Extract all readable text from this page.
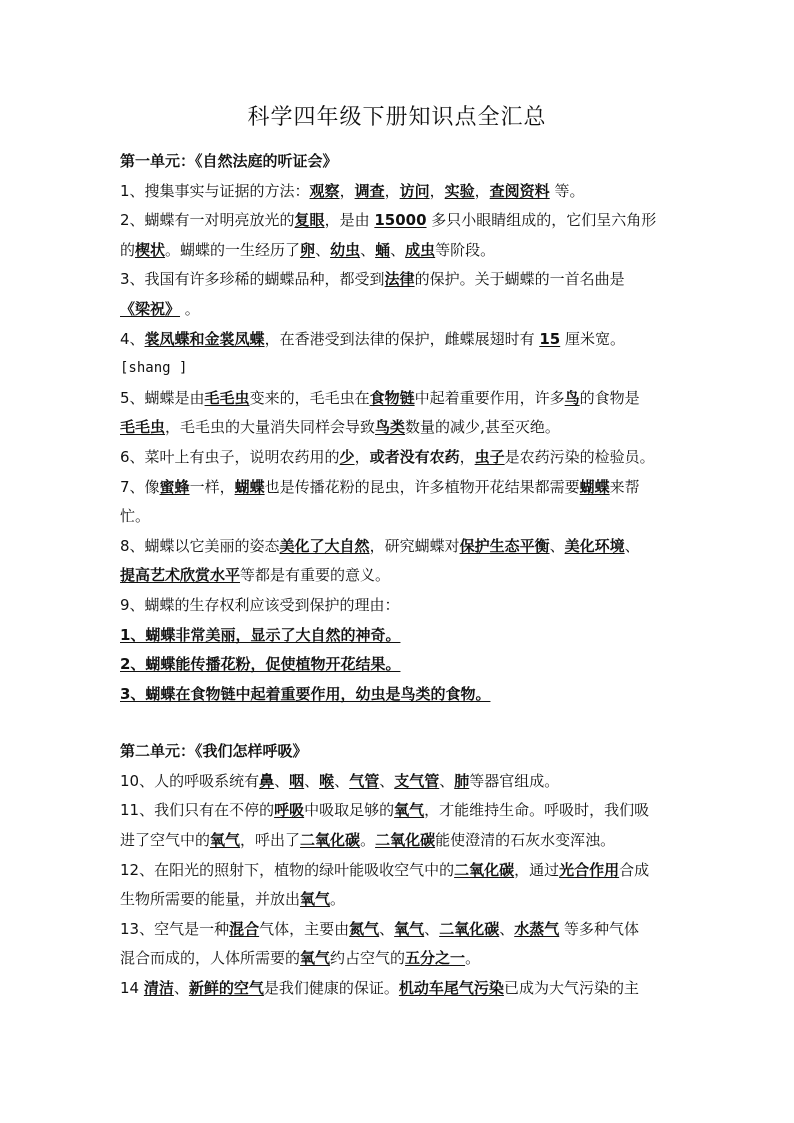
科学四年级下册知识点全汇总
第一单元：《自然法庭的听证会》
1、搜集事实与证据的方法：观察，调查，访问，实验，查阅资料 等。
2、蝴蝶有一对明亮放光的复眼，是由 15000 多只小眼睛组成的，它们呈六角形
的楔状。蝴蝶的一生经历了卵、幼虫、蛹、成虫等阶段。
3、我国有许多珍稀的蝴蝶品种，都受到法律的保护。关于蝴蝶的一首名曲是
《梁祝》 。
4、裳凤蝶和金裳凤蝶，在香港受到法律的保护，雌蝶展翅时有 15 厘米宽。
[shang ]
5、蝴蝶是由毛毛虫变来的，毛毛虫在食物链中起着重要作用，许多鸟的食物是
毛毛虫，毛毛虫的大量消失同样会导致鸟类数量的减少,甚至灭绝。
6、菜叶上有虫子，说明农药用的少，或者没有农药，虫子是农药污染的检验员。
7、像蜜蜂一样，蝴蝶也是传播花粉的昆虫，许多植物开花结果都需要蝴蝶来帮
忙。
8、蝴蝶以它美丽的姿态美化了大自然，研究蝴蝶对保护生态平衡、美化环境、
提高艺术欣赏水平等都是有重要的意义。
9、蝴蝶的生存权利应该受到保护的理由：
1、蝴蝶非常美丽，显示了大自然的神奇。
2、蝴蝶能传播花粉，促使植物开花结果。
3、蝴蝶在食物链中起着重要作用，幼虫是鸟类的食物。
第二单元：《我们怎样呼吸》
10、人的呼吸系统有鼻、咽、喉、气管、支气管、肺等器官组成。
11、我们只有在不停的呼吸中吸取足够的氧气，才能维持生命。呼吸时，我们吸
进了空气中的氧气，呼出了二氧化碳。二氧化碳能使澄清的石灰水变浑浊。
12、在阳光的照射下，植物的绿叶能吸收空气中的二氧化碳，通过光合作用合成
生物所需要的能量，并放出氧气。
13、空气是一种混合气体，主要由氮气、氧气、二氧化碳、水蒸气 等多种气体
混合而成的，人体所需要的氧气约占空气的五分之一。
14 清洁、新鲜的空气是我们健康的保证。机动车尾气污染已成为大气污染的主
